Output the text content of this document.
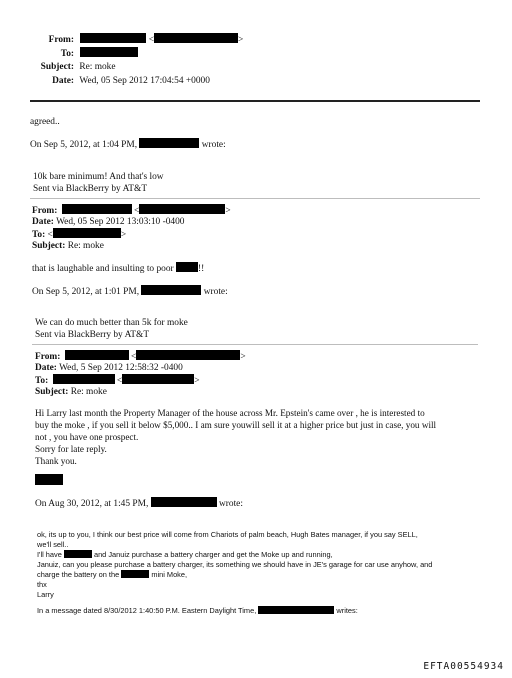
From:	<	>
To:
Subject: Re: moke
Date: Wed, 05 Sep 2012 17:04:54 +0000
agreed..
On Sep 5, 2012, at 1:04 PM,	wrote:
10k bare minimum! And that's low
Sent via BlackBerry by AT&T
From:	<	>
Date: Wed, 05 Sep 2012 13:03:10 -0400
To: <	>
Subject: Re: moke
that is laughable and insulting to poor	!!
On Sep 5, 2012, at 1:01 PM,	wrote:
We can do much better than 5k for moke
Sent via BlackBerry by AT&T
From:	<	>
Date: Wed, 5 Sep 2012 12:58:32 -0400
To:	<	>
Subject: Re: moke
Hi Larry last month the Property Manager of the house across Mr. Epstein's came over , he is interested to
buy the moke , if you sell it below $5,000.. I am sure youwill sell it at a higher price but just in case, you will
not , you have one prospect.
Sorry for late reply.
Thank you.
On Aug 30, 2012, at 1:45 PM,	wrote:
ok, its up to you, I think our best price will come from Chariots of palm beach, Hugh Bates manager, if you say SELL,
we'll sell..
I'll have	and Januiz purchase a battery charger and get the Moke up and running,
Januiz, can you please purchase a battery charger, its something we should have in JE's garage for car use anyhow, and
charge the battery on the	mini Moke,
thx
Larry
In a message dated 8/30/2012 1:40:50 P.M. Eastern Daylight Time,	writes:
EFTA00554934
